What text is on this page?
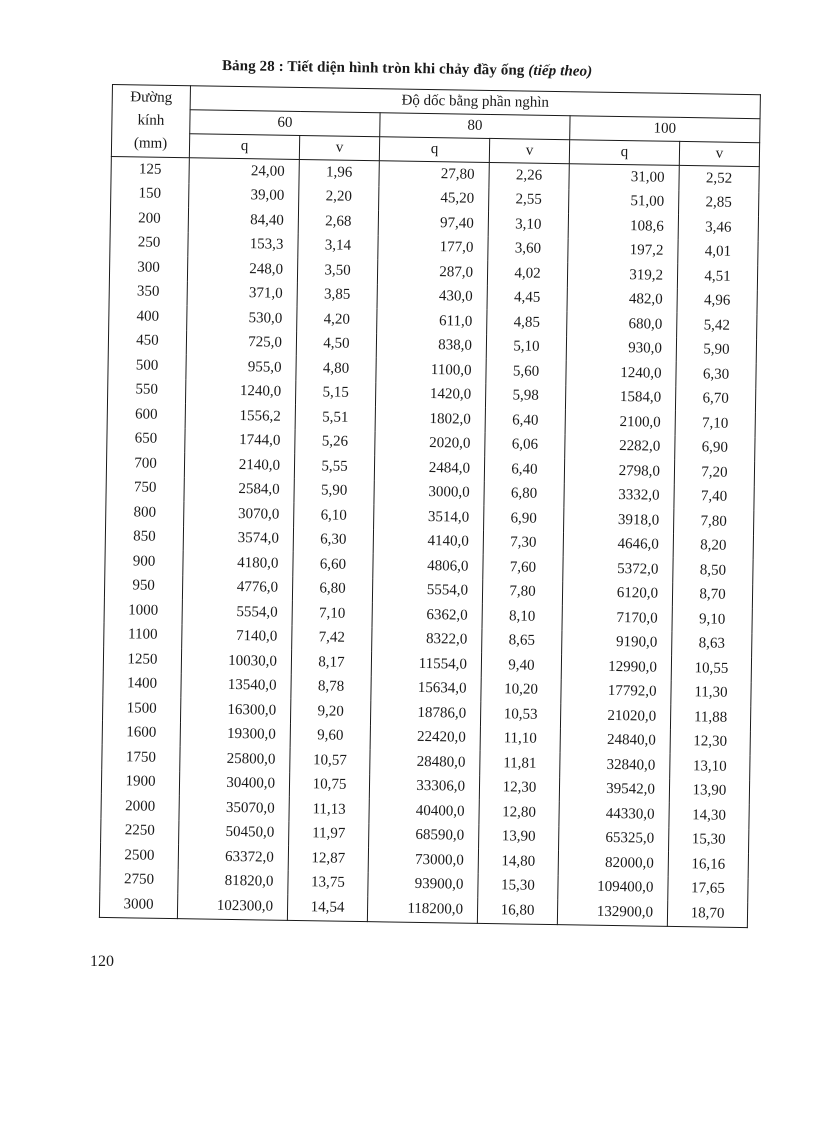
Bảng 28 : Tiết diện hình tròn khi chảy đầy ống (tiếp theo)
Đường
kính
(mm)	Độ dốc bằng phần nghìn					
	60		80		100	
	q	v	q	v	q	v
125	24,00	1,96	27,80	2,26	31,00	2,52
150	39,00	2,20	45,20	2,55	51,00	2,85
200	84,40	2,68	97,40	3,10	108,6	3,46
250	153,3	3,14	177,0	3,60	197,2	4,01
300	248,0	3,50	287,0	4,02	319,2	4,51
350	371,0	3,85	430,0	4,45	482,0	4,96
400	530,0	4,20	611,0	4,85	680,0	5,42
450	725,0	4,50	838,0	5,10	930,0	5,90
500	955,0	4,80	1100,0	5,60	1240,0	6,30
550	1240,0	5,15	1420,0	5,98	1584,0	6,70
600	1556,2	5,51	1802,0	6,40	2100,0	7,10
650	1744,0	5,26	2020,0	6,06	2282,0	6,90
700	2140,0	5,55	2484,0	6,40	2798,0	7,20
750	2584,0	5,90	3000,0	6,80	3332,0	7,40
800	3070,0	6,10	3514,0	6,90	3918,0	7,80
850	3574,0	6,30	4140,0	7,30	4646,0	8,20
900	4180,0	6,60	4806,0	7,60	5372,0	8,50
950	4776,0	6,80	5554,0	7,80	6120,0	8,70
1000	5554,0	7,10	6362,0	8,10	7170,0	9,10
1100	7140,0	7,42	8322,0	8,65	9190,0	8,63
1250	10030,0	8,17	11554,0	9,40	12990,0	10,55
1400	13540,0	8,78	15634,0	10,20	17792,0	11,30
1500	16300,0	9,20	18786,0	10,53	21020,0	11,88
1600	19300,0	9,60	22420,0	11,10	24840,0	12,30
1750	25800,0	10,57	28480,0	11,81	32840,0	13,10
1900	30400,0	10,75	33306,0	12,30	39542,0	13,90
2000	35070,0	11,13	40400,0	12,80	44330,0	14,30
2250	50450,0	11,97	68590,0	13,90	65325,0	15,30
2500	63372,0	12,87	73000,0	14,80	82000,0	16,16
2750	81820,0	13,75	93900,0	15,30	109400,0	17,65
3000	102300,0	14,54	118200,0	16,80	132900,0	18,70
120
